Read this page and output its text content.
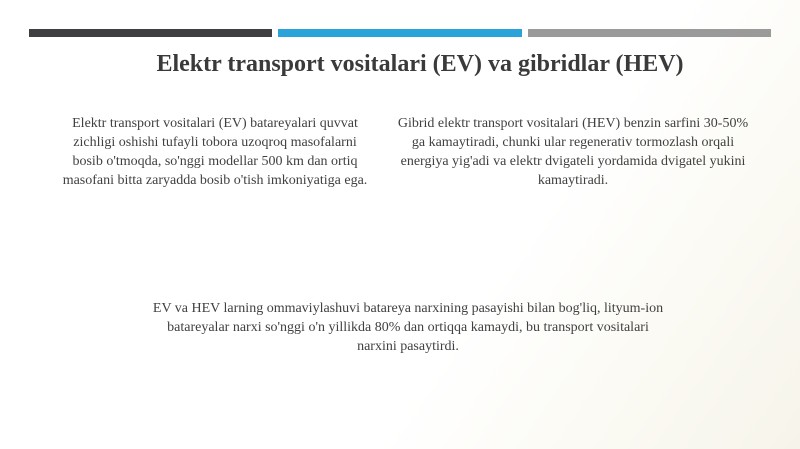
Elektr transport vositalari (EV) va gibridlar (HEV)
Elektr transport vositalari (EV) batareyalari quvvat zichligi oshishi tufayli tobora uzoqroq masofalarni bosib o'tmoqda, so'nggi modellar 500 km dan ortiq masofani bitta zaryadda bosib o'tish imkoniyatiga ega.
Gibrid elektr transport vositalari (HEV) benzin sarfini 30-50% ga kamaytiradi, chunki ular regenerativ tormozlash orqali energiya yig'adi va elektr dvigateli yordamida dvigatel yukini kamaytiradi.
EV va HEV larning ommaviylashuvi batareya narxining pasayishi bilan bog'liq, lityum-ion batareyalar narxi so'nggi o'n yillikda 80% dan ortiqqa kamaydi, bu transport vositalari narxini pasaytirdi.
